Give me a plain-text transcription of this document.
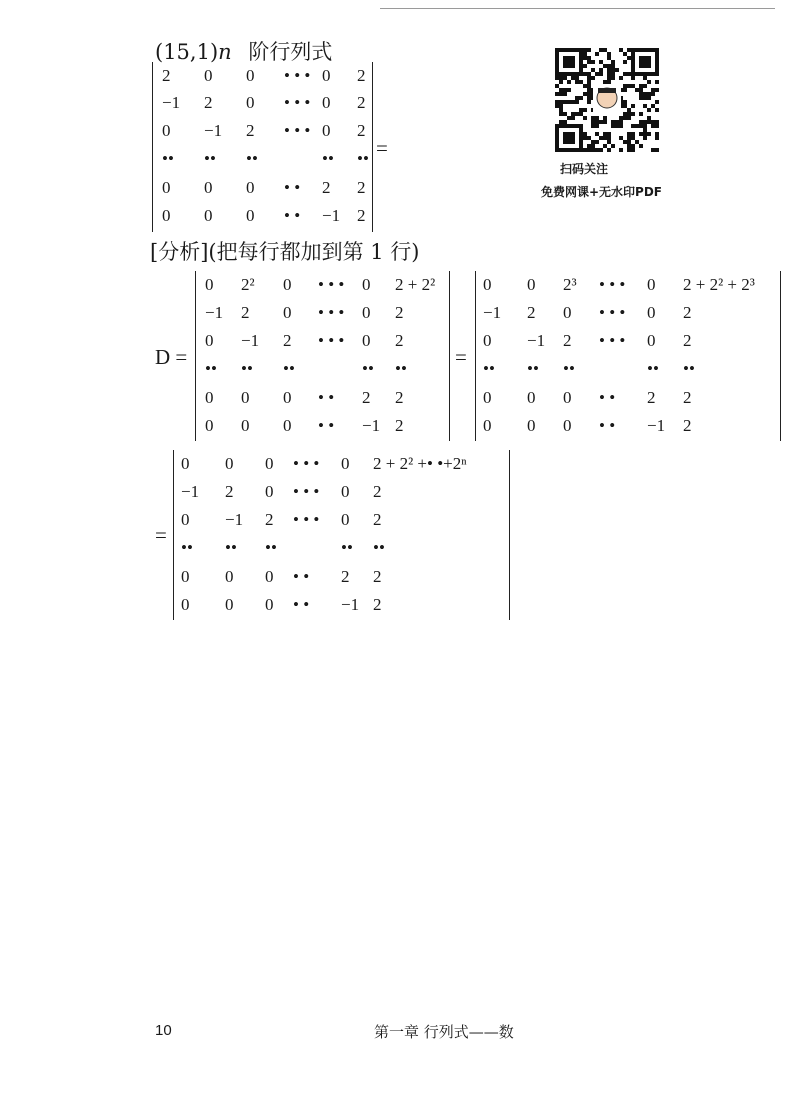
(15,1)n 阶行列式
2 0 0 • • • 0 2
−1 2 0 • • • 0 2
0 −1 2 • • • 0 2
•• •• ••	•• ••
0 0 0 • • 2 2
0 0 0 • • −1 2
=
扫码关注
免费网课+无水印PDF
[分析](把每行都加到第 1 行)
D =
0 2² 0 • • • 0 2 + 2²
−1 2 0 • • • 0 2
0 −1 2 • • • 0 2
•• •• ••	•• ••
0 0 0 • • 2 2
0 0 0 • • −1 2
=
0 0 2³ • • • 0 2 + 2² + 2³
−1 2 0 • • • 0 2
0 −1 2 • • • 0 2
•• •• ••	•• ••
0 0 0 • • 2 2
0 0 0 • • −1 2
=
0 0 0 • • • 0 2 + 2² +• •+2ⁿ
−1 2 0 • • • 0 2
0 −1 2 • • • 0 2
•• •• ••	•• ••
0 0 0 • • 2 2
0 0 0 • • −1 2
10	第一章 行列式——数
